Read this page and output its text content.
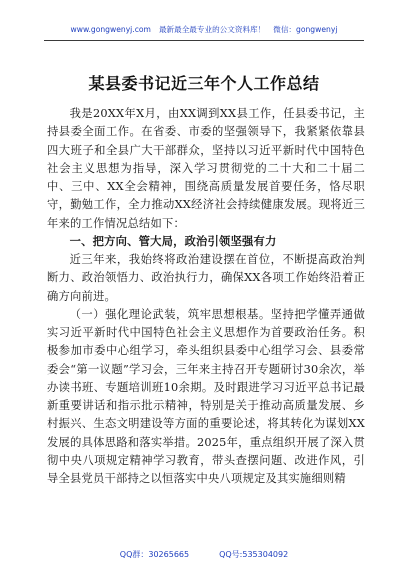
www.gongwenyj.com 最新最全最专业的公文资料库！ 微信：gongwenyj
某县委书记近三年个人工作总结

我是20XX年X月，由XX调到XX县工作，任县委书记，主持县委全面工作。在省委、市委的坚强领导下，我紧紧依靠县四大班子和全县广大干部群众，坚持以习近平新时代中国特色社会主义思想为指导，深入学习贯彻党的二十大和二十届二中、三中、XX全会精神，围绕高质量发展首要任务，恪尽职守，勤勉工作，全力推动XX经济社会持续健康发展。现将近三年来的工作情况总结如下：

一、把方向、管大局，政治引领坚强有力

近三年来，我始终将政治建设摆在首位，不断提高政治判断力、政治领悟力、政治执行力，确保XX各项工作始终沿着正确方向前进。

（一）强化理论武装，筑牢思想根基。坚持把学懂弄通做实习近平新时代中国特色社会主义思想作为首要政治任务。积极参加市委中心组学习，牵头组织县委中心组学习会、县委常委会“第一议题”学习会，三年来主持召开专题研讨30余次，举办读书班、专题培训班10余期。及时跟进学习习近平总书记最新重要讲话和指示批示精神，特别是关于推动高质量发展、乡村振兴、生态文明建设等方面的重要论述，将其转化为谋划XX发展的具体思路和落实举措。2025年，重点组织开展了深入贯彻中央八项规定精神学习教育，带头查摆问题、改进作风，引导全县党员干部持之以恒落实中央八项规定及其实施细则精

QQ群：30265665	QQ号:535304092
